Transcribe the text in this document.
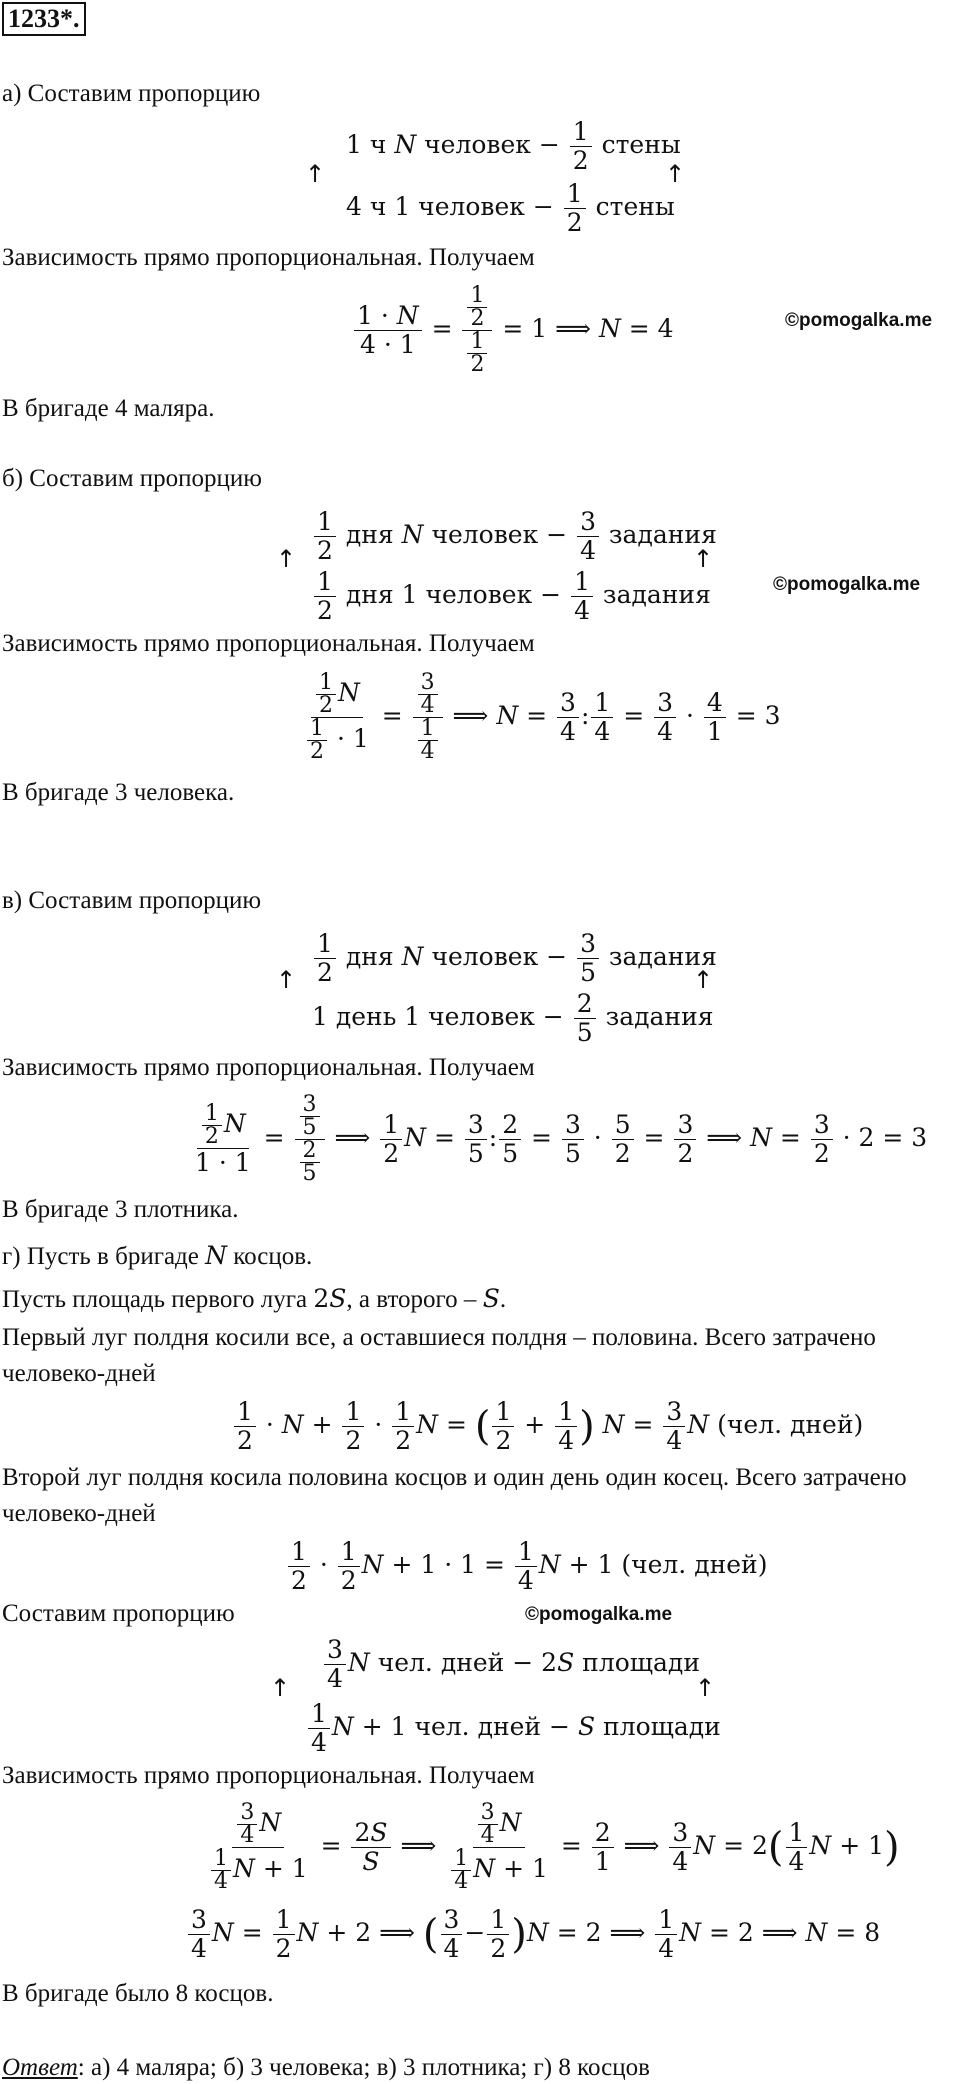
1233*.
а) Составим пропорцию
↑	↑
1 ч N человек − $\frac{1}{2}$ стены
4 ч 1 человек − $\frac{1}{2}$ стены
Зависимость прямо пропорциональная. Получаем
$\frac{1 \cdot N}{4 \cdot 1} = \frac{\frac{1}{2}}{\frac{1}{2}} = 1$ ⟹ N = 4	©pomogalka.me
В бригаде 4 маляра.
б) Составим пропорцию
↑	↑
$\frac{1}{2}$ дня N человек − $\frac{3}{4}$ задания
$\frac{1}{2}$ дня 1 человек − $\frac{1}{4}$ задания	©pomogalka.me
Зависимость прямо пропорциональная. Получаем
$\frac{\frac{1}{2} N}{\frac{1}{2} \cdot 1} = \frac{\frac{3}{4}}{\frac{1}{4}}$ ⟹ $N = \frac{3}{4}$ : $\frac{1}{4} = \frac{3}{4} \cdot \frac{4}{1} = 3$
В бригаде 3 человека.
в) Составим пропорцию
↑	↑
$\frac{1}{2}$ дня N человек − $\frac{3}{5}$ задания
1 день 1 человек − $\frac{2}{5}$ задания
Зависимость прямо пропорциональная. Получаем
$\frac{\frac{1}{2} N}{1 \cdot 1} = \frac{\frac{3}{5}}{\frac{2}{5}}$ ⟹ $\frac{1}{2}$ $N = \frac{3}{5}$ : $\frac{2}{5} = \frac{3}{5} \cdot \frac{5}{2} = \frac{3}{2}$ ⟹ $N = \frac{3}{2} \cdot 2 = 3$
В бригаде 3 плотника.
г) Пусть в бригаде N косцов.
Пусть площадь первого луга 2S, а второго – S.
Первый луг полдня косили все, а оставшиеся полдня – половина. Всего затрачено
человеко-дней
$\frac{1}{2} \cdot N + \frac{1}{2} \cdot \frac{1}{2}$ N = ( $\frac{1}{2} + \frac{1}{4}$ ) $N = \frac{3}{4}$ N (чел. дней)
Второй луг полдня косила половина косцов и один день один косец. Всего затрачено
человеко-дней
$\frac{1}{2} \cdot \frac{1}{2}$ $N + 1 \cdot 1 = \frac{1}{4}$ N + 1 (чел. дней)
Составим пропорцию	©pomogalka.me
↑	↑
$\frac{3}{4}$ N чел. дней − 2S площади
$\frac{1}{4}$ N + 1 чел. дней − S площади
Зависимость прямо пропорциональная. Получаем
$\frac{\frac{3}{4} N}{\frac{1}{4} N + 1} = \frac{2S}{S}$ ⟹ $\frac{\frac{3}{4} N}{\frac{1}{4} N + 1} = \frac{2}{1}$ ⟹ $\frac{3}{4}$ $N = 2( \frac{1}{4}$ N + 1)
$\frac{3}{4}$ $N = \frac{1}{2}$ N + 2 ⟹ ( $\frac{3}{4} - \frac{1}{2} )N = 2$ ⟹ $\frac{1}{4}$ N = 2 ⟹ N = 8
В бригаде было 8 косцов.
Ответ: а) 4 маляра; б) 3 человека; в) 3 плотника; г) 8 косцов
